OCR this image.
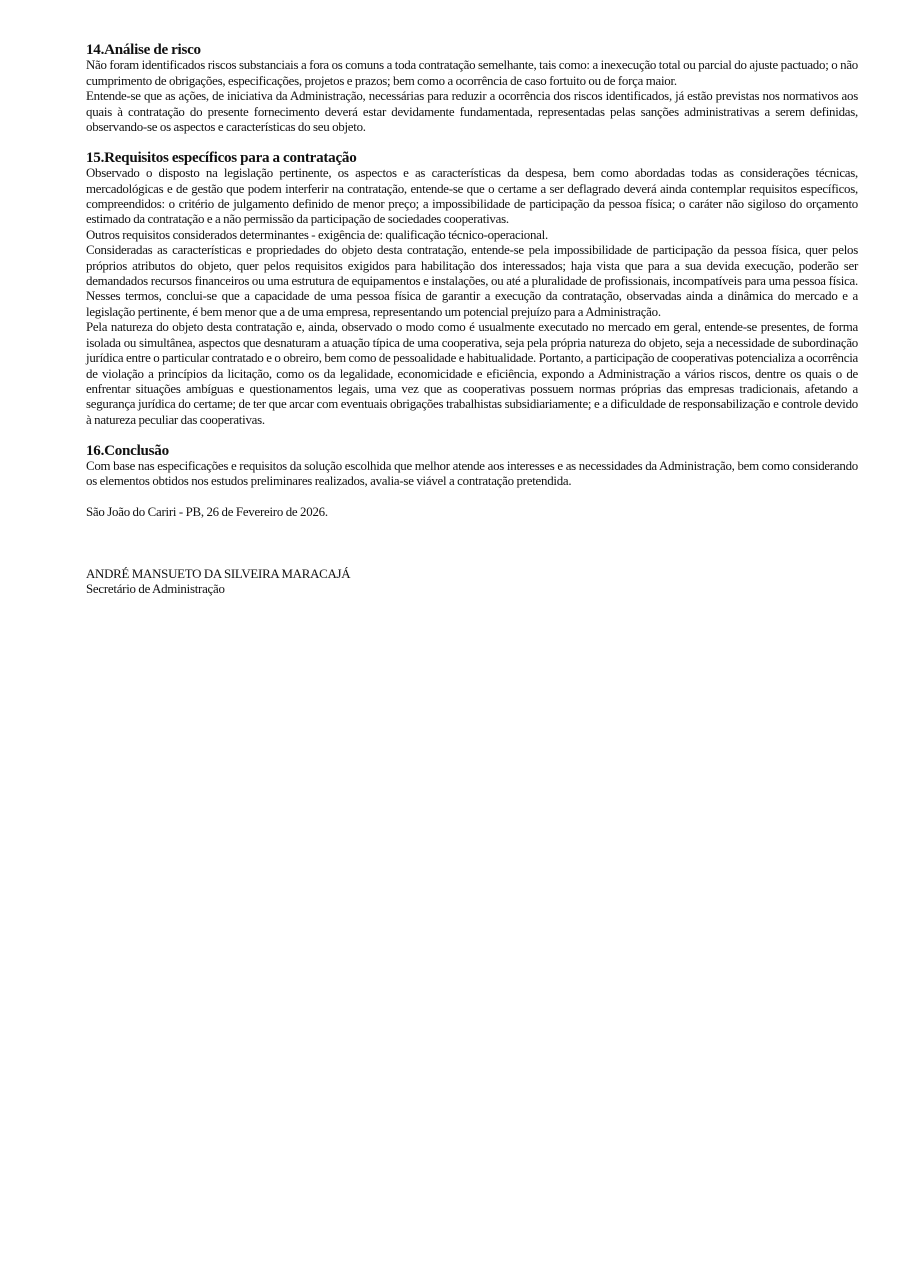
14.Análise de risco

Não foram identificados riscos substanciais a fora os comuns a toda contratação semelhante, tais como: a inexecução total ou parcial do ajuste pactuado; o não cumprimento de obrigações, especificações, projetos e prazos; bem como a ocorrência de caso fortuito ou de força maior.

Entende-se que as ações, de iniciativa da Administração, necessárias para reduzir a ocorrência dos riscos identificados, já estão previstas nos normativos aos quais à contratação do presente fornecimento deverá estar devidamente fundamentada, representadas pelas sanções administrativas a serem definidas, observando-se os aspectos e características do seu objeto.

15.Requisitos específicos para a contratação

Observado o disposto na legislação pertinente, os aspectos e as características da despesa, bem como abordadas todas as considerações técnicas, mercadológicas e de gestão que podem interferir na contratação, entende-se que o certame a ser deflagrado deverá ainda contemplar requisitos específicos, compreendidos: o critério de julgamento definido de menor preço; a impossibilidade de participação da pessoa física; o caráter não sigiloso do orçamento estimado da contratação e a não permissão da participação de sociedades cooperativas.

Outros requisitos considerados determinantes - exigência de: qualificação técnico-operacional.

Consideradas as características e propriedades do objeto desta contratação, entende-se pela impossibilidade de participação da pessoa física, quer pelos próprios atributos do objeto, quer pelos requisitos exigidos para habilitação dos interessados; haja vista que para a sua devida execução, poderão ser demandados recursos financeiros ou uma estrutura de equipamentos e instalações, ou até a pluralidade de profissionais, incompatíveis para uma pessoa física. Nesses termos, conclui-se que a capacidade de uma pessoa física de garantir a execução da contratação, observadas ainda a dinâmica do mercado e a legislação pertinente, é bem menor que a de uma empresa, representando um potencial prejuízo para a Administração.

Pela natureza do objeto desta contratação e, ainda, observado o modo como é usualmente executado no mercado em geral, entende-se presentes, de forma isolada ou simultânea, aspectos que desnaturam a atuação típica de uma cooperativa, seja pela própria natureza do objeto, seja a necessidade de subordinação jurídica entre o particular contratado e o obreiro, bem como de pessoalidade e habitualidade. Portanto, a participação de cooperativas potencializa a ocorrência de violação a princípios da licitação, como os da legalidade, economicidade e eficiência, expondo a Administração a vários riscos, dentre os quais o de enfrentar situações ambíguas e questionamentos legais, uma vez que as cooperativas possuem normas próprias das empresas tradicionais, afetando a segurança jurídica do certame; de ter que arcar com eventuais obrigações trabalhistas subsidiariamente; e a dificuldade de responsabilização e controle devido à natureza peculiar das cooperativas.

16.Conclusão

Com base nas especificações e requisitos da solução escolhida que melhor atende aos interesses e as necessidades da Administração, bem como considerando os elementos obtidos nos estudos preliminares realizados, avalia-se viável a contratação pretendida.

São João do Cariri - PB, 26 de Fevereiro de 2026.

ANDRÉ MANSUETO DA SILVEIRA MARACAJÁ

Secretário de Administração
